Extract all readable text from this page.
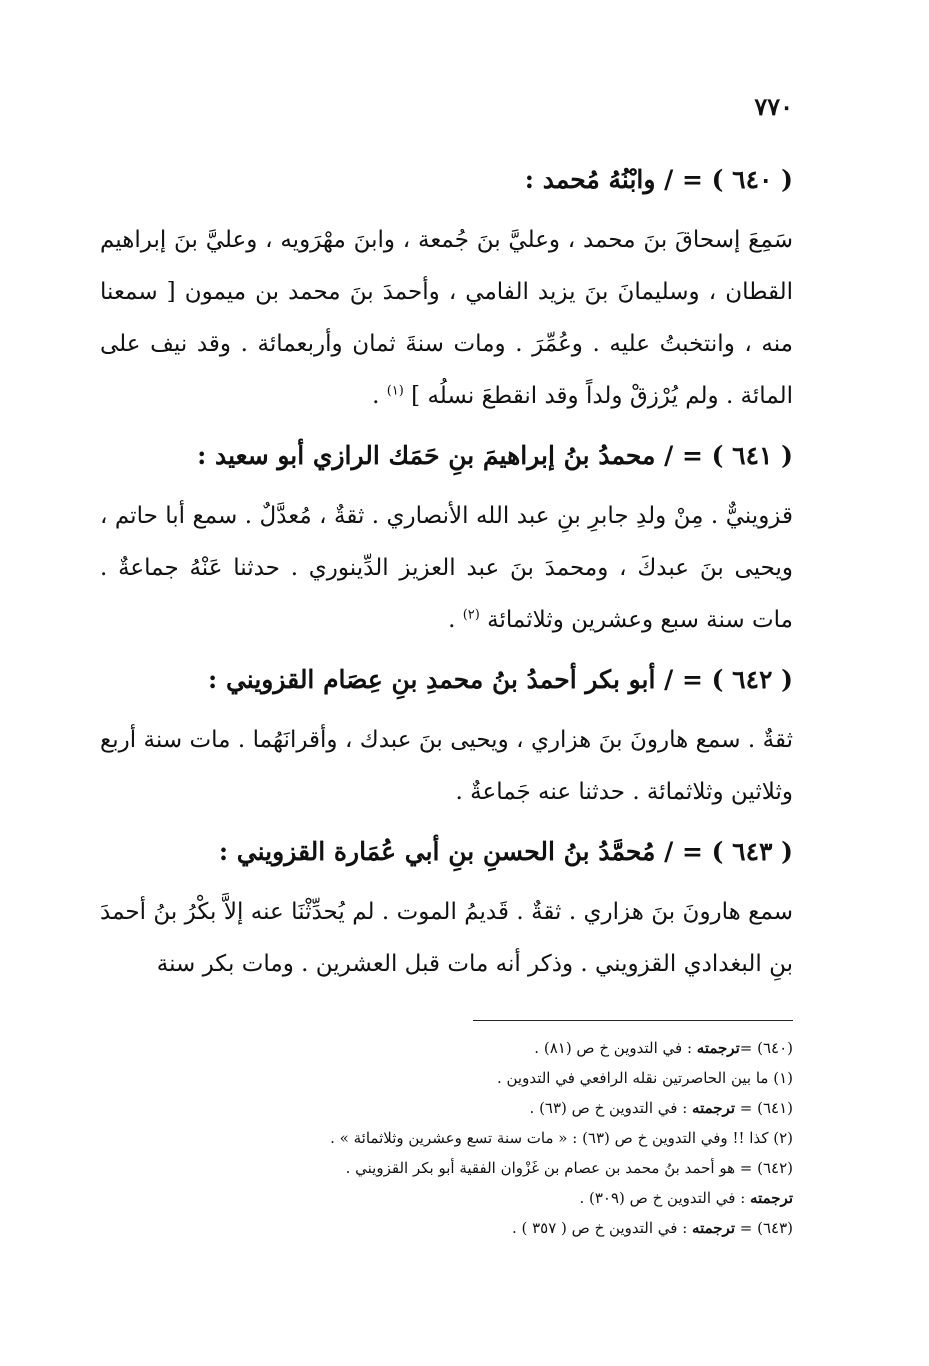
٧٧٠
( ٦٤٠ ) = / وابْنُهُ مُحمد :
سَمِعَ إسحاقَ بنَ محمد ، وعليَّ بنَ جُمعة ، وابنَ مهْرَويه ، وعليَّ بنَ إبراهيم القطان ، وسليمانَ بنَ يزيد الفامي ، وأحمدَ بنَ محمد بن ميمون [ سمعنا منه ، وانتخبتُ عليه . وعُمِّرَ . ومات سنةَ ثمان وأربعمائة . وقد نيف على المائة . ولم يُرْزقْ ولداً وقد انقطعَ نسلُه ] $^{(١)}$ .
( ٦٤١ ) = / محمدُ بنُ إبراهيمَ بنِ حَمَك الرازي أبو سعيد :
قزوينيٌّ . مِنْ ولدِ جابرِ بنِ عبد الله الأنصاري . ثقةٌ ، مُعدَّلٌ . سمع أبا حاتم ، ويحيى بنَ عبدكَ ، ومحمدَ بنَ عبد العزيز الدِّينوري . حدثنا عَنْهُ جماعةٌ . مات سنة سبع وعشرين وثلاثمائة $^{(٢)}$ .
( ٦٤٢ ) = / أبو بكر أحمدُ بنُ محمدِ بنِ عِصَام القزويني :
ثقةٌ . سمع هارونَ بنَ هزاري ، ويحيى بنَ عبدك ، وأقرانَهُما . مات سنة أربع وثلاثين وثلاثمائة . حدثنا عنه جَماعةٌ .
( ٦٤٣ ) = / مُحمَّدُ بنُ الحسنِ بنِ أبي عُمَارة القزويني :
سمع هارونَ بنَ هزاري . ثقةٌ . قَديمُ الموت . لم يُحدِّثْنَا عنه إلاَّ بكْرُ بنُ أحمدَ بنِ البغدادي القزويني . وذكر أنه مات قبل العشرين . ومات بكر سنة
(٦٤٠) =ترجمته : في التدوين خ ص (٨١) .
(١) ما بين الحاصرتين نقله الرافعي في التدوين .
(٦٤١) = ترجمته : في التدوين خ ص (٦٣) .
(٢) كذا !! وفي التدوين خ ص (٦٣) : « مات سنة تسع وعشرين وثلاثمائة » .
(٦٤٢) = هو أحمد بنُ محمد بن عصام بن غَزْوان الفقية أبو بكر القزويني .
ترجمته : في التدوين خ ص (٣٠٩) .
(٦٤٣) = ترجمته : في التدوين خ ص ( ٣٥٧ ) .
